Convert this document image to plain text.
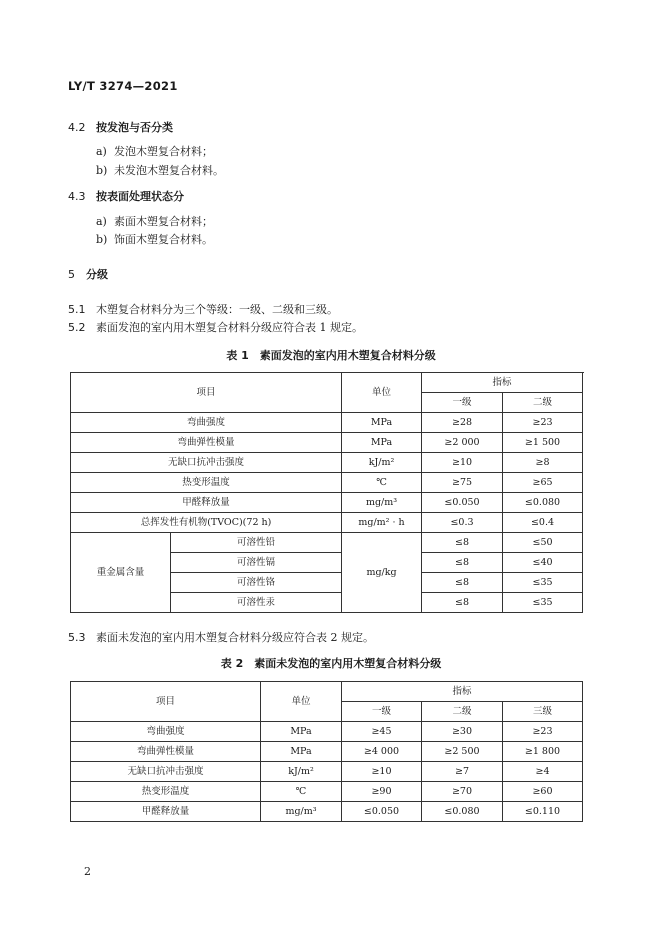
LY/T 3274—2021
4.2 按发泡与否分类
a) 发泡木塑复合材料；
b) 未发泡木塑复合材料。
4.3 按表面处理状态分
a) 素面木塑复合材料；
b) 饰面木塑复合材料。
5 分级
5.1 木塑复合材料分为三个等级：一级、二级和三级。
5.2 素面发泡的室内用木塑复合材料分级应符合表 1 规定。
表 1　素面发泡的室内用木塑复合材料分级
项目		单位	指标		
			一级	二级	
弯曲强度		MPa	≥28	≥23	
弯曲弹性模量		MPa	≥2 000	≥1 500	
无缺口抗冲击强度		kJ/m²	≥10	≥8	
热变形温度		℃	≥75	≥65	
甲醛释放量		mg/m³	≤0.050	≤0.080	
总挥发性有机物(TVOC)(72 h)		mg/m² · h	≤0.3	≤0.4	
重金属含量	可溶性铅	mg/kg	≤8	≤50	
	可溶性镉		≤8	≤40	
	可溶性铬		≤8	≤35	
	可溶性汞		≤8	≤35	
5.3 素面未发泡的室内用木塑复合材料分级应符合表 2 规定。
表 2　素面未发泡的室内用木塑复合材料分级
项目	单位	指标		
		一级	二级	三级
弯曲强度	MPa	≥45	≥30	≥23
弯曲弹性模量	MPa	≥4 000	≥2 500	≥1 800
无缺口抗冲击强度	kJ/m²	≥10	≥7	≥4
热变形温度	℃	≥90	≥70	≥60
甲醛释放量	mg/m³	≤0.050	≤0.080	≤0.110
2
